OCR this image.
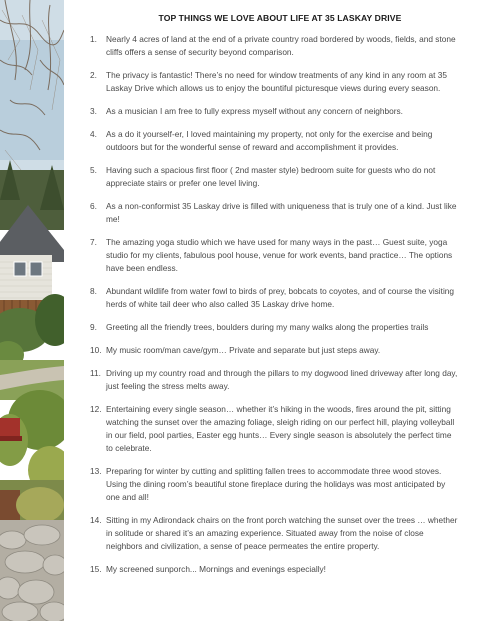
TOP THINGS WE LOVE ABOUT LIFE AT 35 LASKAY DRIVE
1.	Nearly 4 acres of land at the end of a private country road bordered by woods, fields, and stone cliffs offers a sense of security beyond comparison.
2.	The privacy is fantastic! There’s no need for window treatments of any kind in any room at 35 Laskay Drive which allows us to enjoy the bountiful picturesque views during every season.
3.	As a musician I am free to fully express myself without any concern of neighbors.
4.	As a do it yourself-er, I loved maintaining my property, not only for the exercise and being outdoors but for the wonderful sense of reward and accomplishment it provides.
5.	Having such a spacious first floor ( 2nd master style) bedroom suite for guests who do not appreciate stairs or prefer one level living.
6.	As a non-conformist 35 Laskay drive is filled with uniqueness that is truly one of a kind. Just like me!
7.	The amazing yoga studio which we have used for many ways in the past… Guest suite, yoga studio for my clients, fabulous pool house, venue for work events, band practice… The options have been endless.
8.	Abundant wildlife from water fowl to birds of prey, bobcats to coyotes, and of course the visiting herds of white tail deer who also called 35 Laskay drive home.
9.	Greeting all the friendly trees, boulders during my many walks along the properties trails
10. My music room/man cave/gym… Private and separate but just steps away.
11. Driving up my country road and through the pillars to my dogwood lined driveway after long day, just feeling the stress melts away.
12. Entertaining every single season… whether it’s hiking in the woods, fires around the pit, sitting watching the sunset over the amazing foliage, sleigh riding on our perfect hill, playing volleyball in our field, pool parties, Easter egg hunts… Every single season is absolutely the perfect time to celebrate.
13. Preparing for winter by cutting and splitting fallen trees to accommodate three wood stoves. Using the dining room’s beautiful stone fireplace during the holidays was most anticipated by one and all!
14. Sitting in my Adirondack chairs on the front porch watching the sunset over the trees … whether in solitude or shared it’s an amazing experience. Situated away from the noise of close neighbors and civilization, a sense of peace permeates the entire property.
15. My screened sunporch... Mornings and evenings especially!
